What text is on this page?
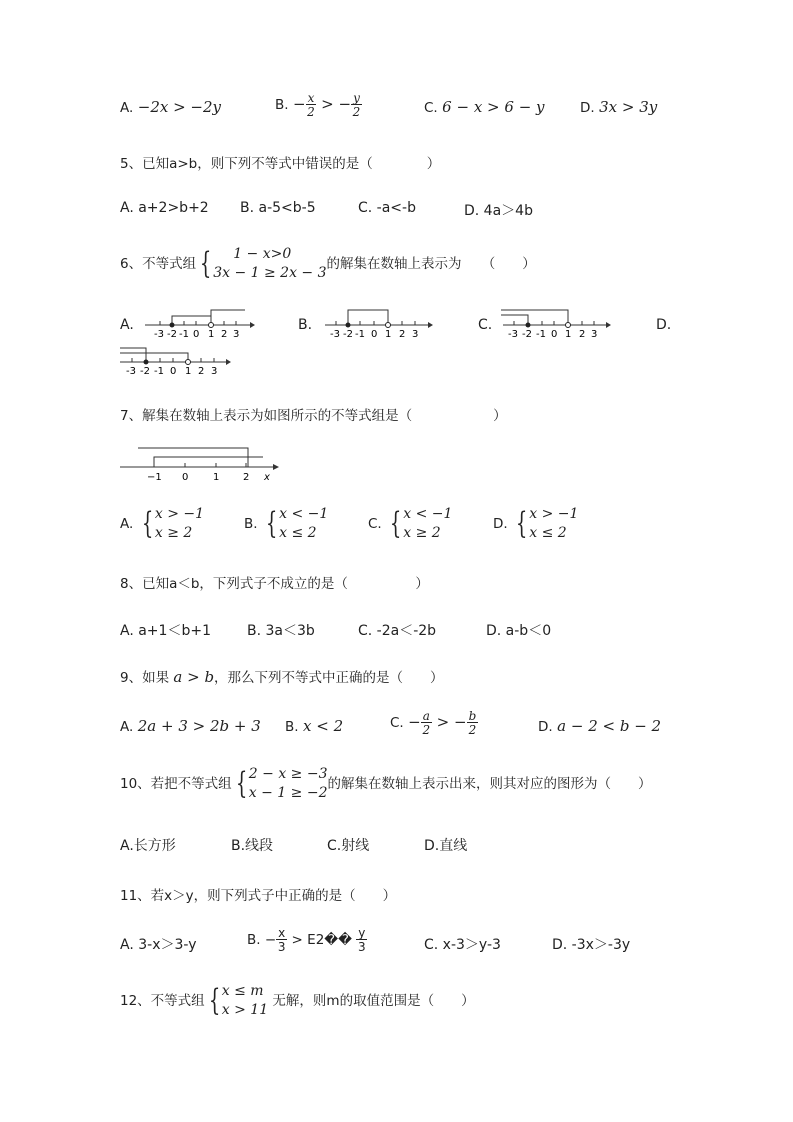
A. −2x > −2y	B. − $\frac{x}{2}$ > − $\frac{y}{2}$	C. 6 − x > 6 − y	D. 3x > 3y
5、已知a>b，则下列不等式中错误的是（　　　　）
A. a+2>b+2 B. a-5<b-5	C. -a<-b	D. 4a＞4b
6、不等式组 {	1 − x>0
3x − 1 ≥ 2x − 3
的解集在数轴上表示为　　（　　）
A.
-3 -2 -1 0 1 2 3
B.
-3 -2 -1 0 1 2 3
C.
-3 -2 -1 0 1 2 3
D.
-3 -2 -1 0 1 2 3
7、解集在数轴上表示为如图所示的不等式组是（　　　　　　）
−1 0 1 2 x
A. { x > −1
x ≥ 2
B. { x < −1
x ≤ 2
C. { x < −1
x ≥ 2
D. { x > −1
x ≤ 2
8、已知a＜b，下列式子不成立的是（　　　　　）
A. a+1＜b+1	B. 3a＜3b	C. -2a＜-2b	D. a-b＜0
9、如果 a > b，那么下列不等式中正确的是（　　）
A. 2a + 3 > 2b + 3 B. x < 2	C. − $\frac{a}{2}$ > − $\frac{b}{2}$	D. a − 2 < b − 2
10、若把不等式组 { 2 − x ≥ −3
x − 1 ≥ −2
的解集在数轴上表示出来，则其对应的图形为（　　）
A.长方形	B.线段	C.射线	D.直线
11、若x＞y，则下列式子中正确的是（　　）
A. 3-x＞3-y	B. − $\frac{x}{3}$ > E2�� $\frac{y}{3}$	C. x-3＞y-3	D. -3x＞-3y
12、不等式组 { x ≤ m
x > 11
无解，则m的取值范围是（　　）
